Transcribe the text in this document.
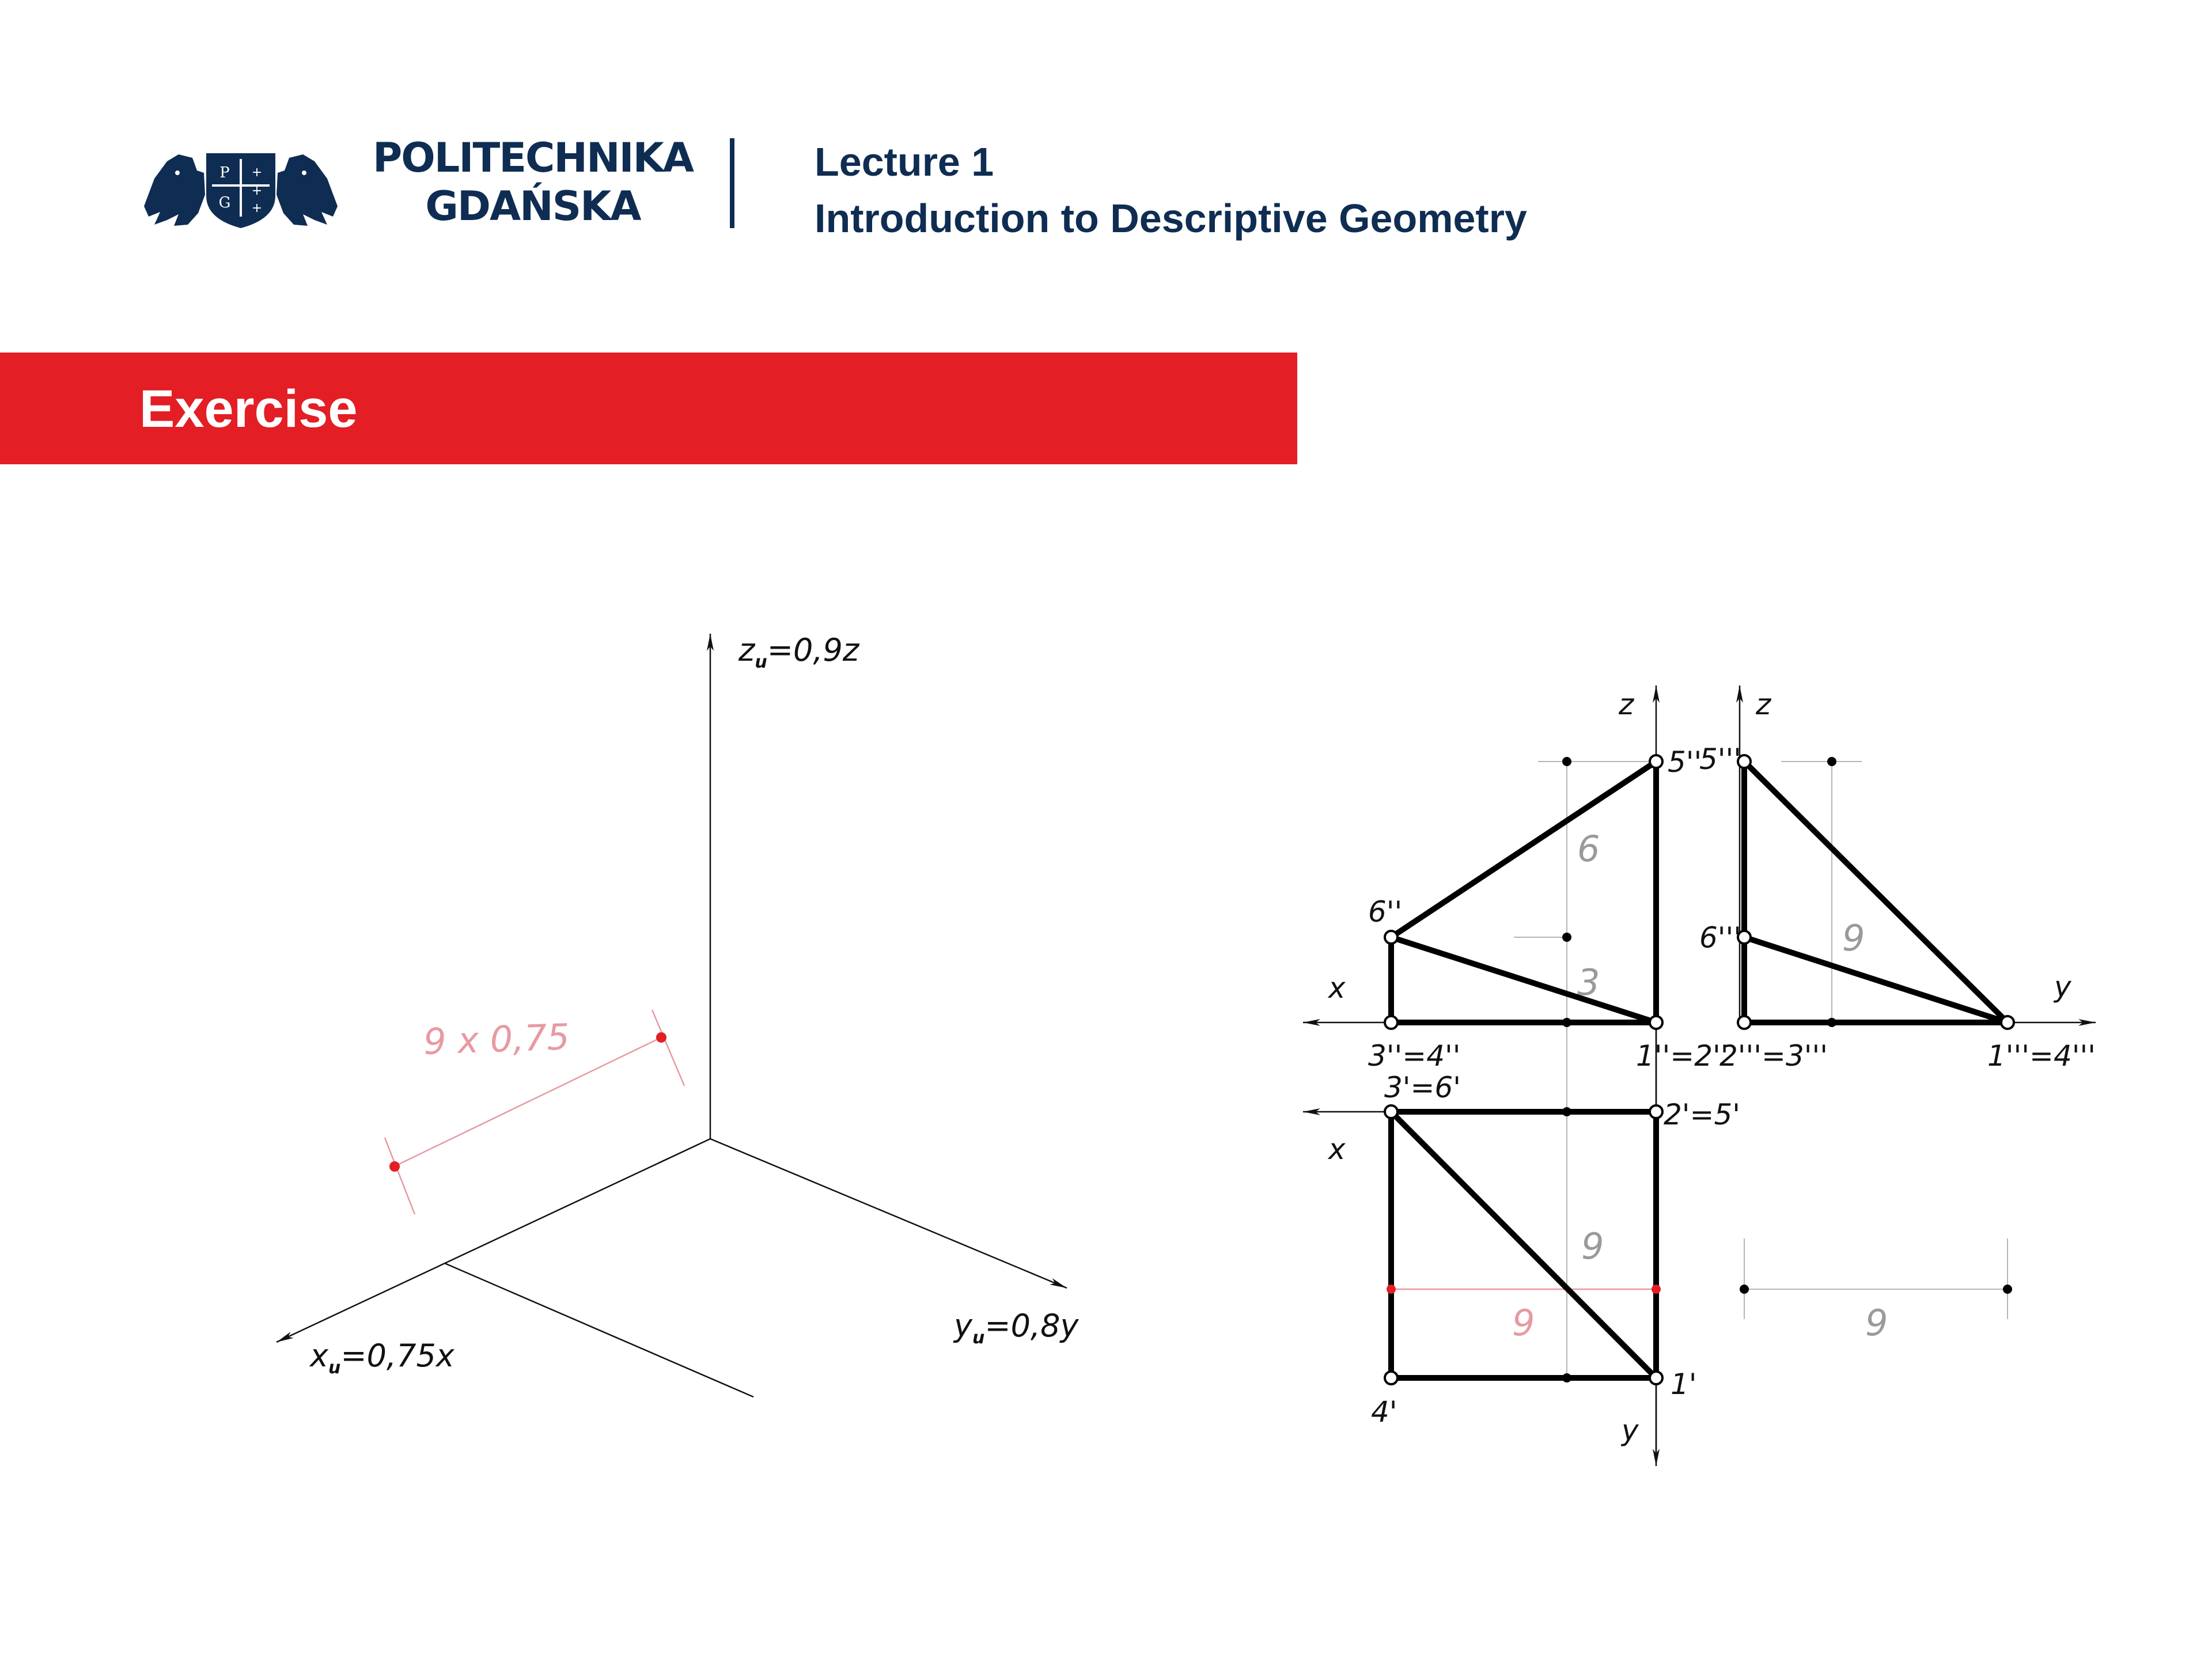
P
G
+
+
+
POLITECHNIKA
GDAŃSKA
Lecture 1
Introduction to Descriptive Geometry
Exercise
9 x 0,75
$z_u=0,9z$
$x_u=0,75x$
$y_u=0,8y$
z	z
x
x
y
y
5''
6''
3''=4''	1''=2''
5'''
6'''
2'''=3'''	1'''=4'''
3'=6'
2'=5'
4'
1'
6
3
9
9
9	9
